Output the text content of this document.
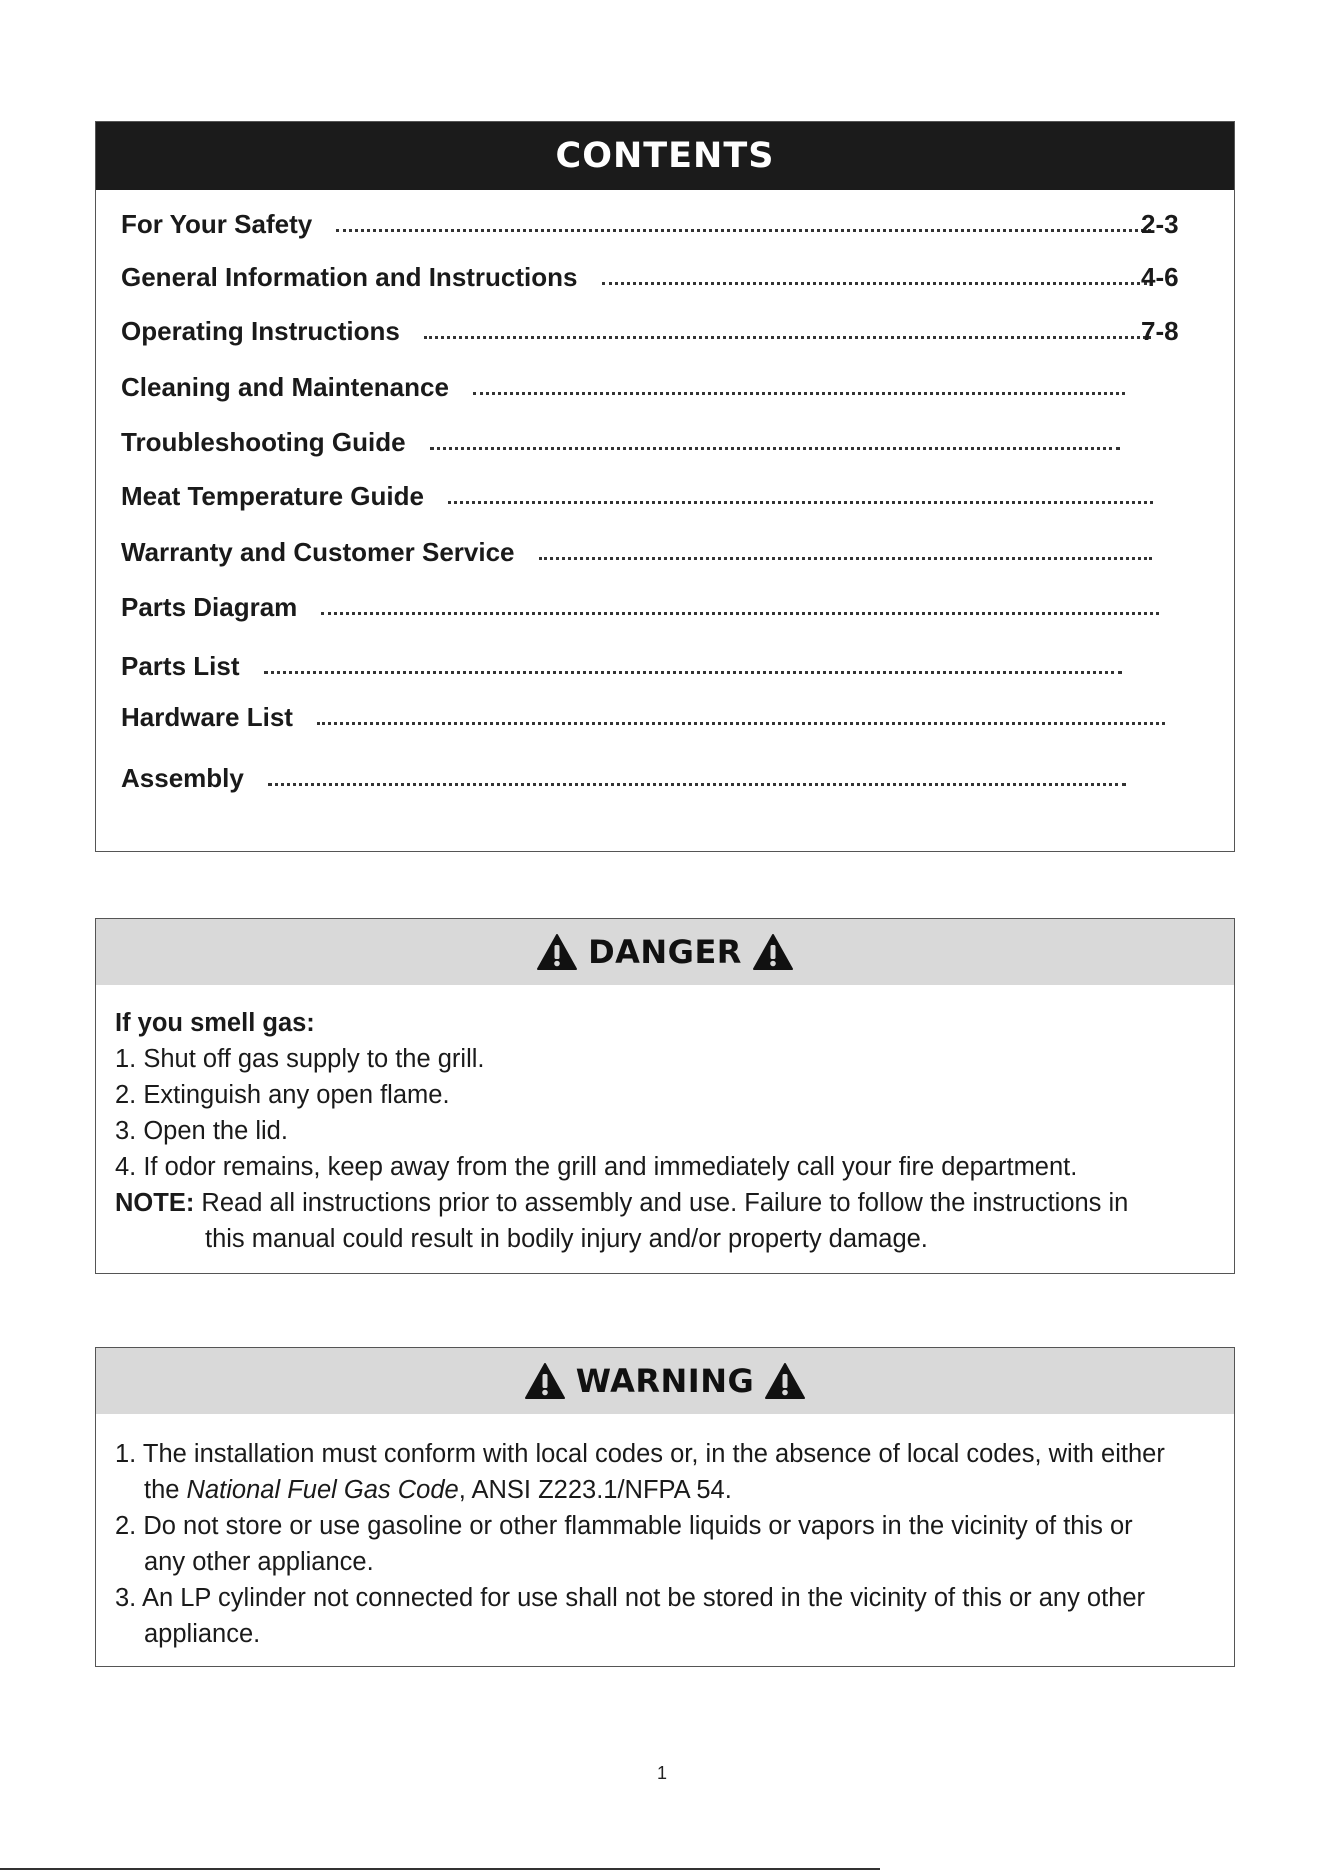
CONTENTS
For Your Safety	2-3
General Information and Instructions	4-6
Operating Instructions	7-8
Cleaning and Maintenance
Troubleshooting Guide
Meat Temperature Guide
Warranty and Customer Service
Parts Diagram
Parts List
Hardware List
Assembly
DANGER
If you smell gas:
1. Shut off gas supply to the grill.
2. Extinguish any open flame.
3. Open the lid.
4. If odor remains, keep away from the grill and immediately call your fire department.
NOTE: Read all instructions prior to assembly and use. Failure to follow the instructions in
this manual could result in bodily injury and/or property damage.
WARNING
1. The installation must conform with local codes or, in the absence of local codes, with either
the National Fuel Gas Code, ANSI Z223.1/NFPA 54.
2. Do not store or use gasoline or other flammable liquids or vapors in the vicinity of this or
any other appliance.
3. An LP cylinder not connected for use shall not be stored in the vicinity of this or any other
appliance.
1
